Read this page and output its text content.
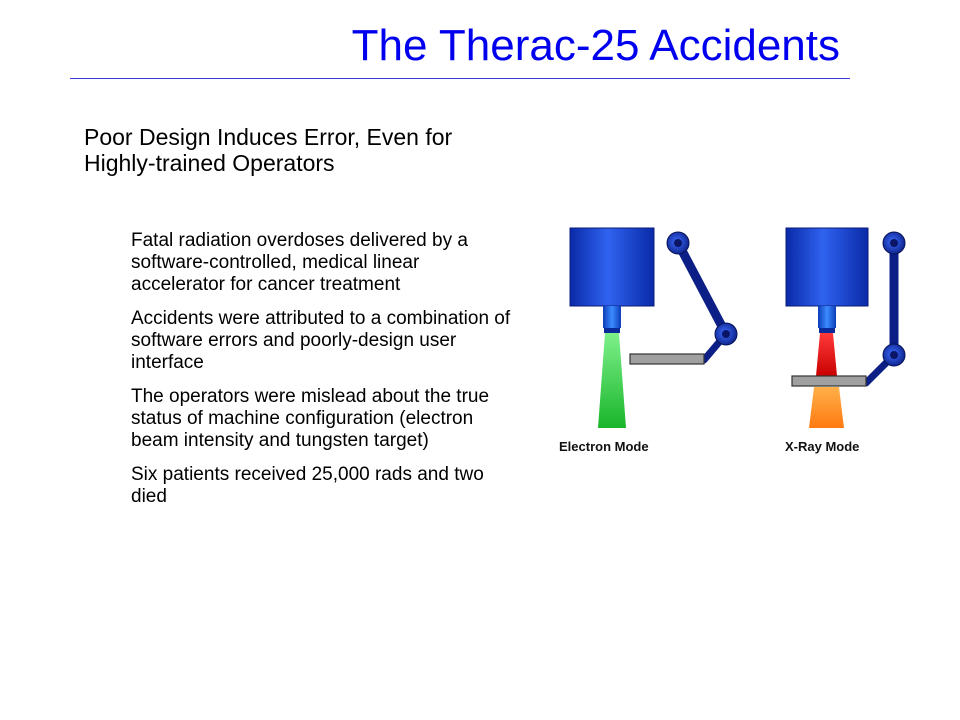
The Therac-25 Accidents
Poor Design Induces Error, Even for Highly-trained Operators
Fatal radiation overdoses delivered by a software-controlled, medical linear accelerator for cancer treatment
Accidents were attributed to a combination of software errors and poorly-design user interface
The operators were mislead about the true status of machine configuration (electron beam intensity and tungsten target)
Six patients received 25,000 rads and two died
Electron Mode	X-Ray Mode
